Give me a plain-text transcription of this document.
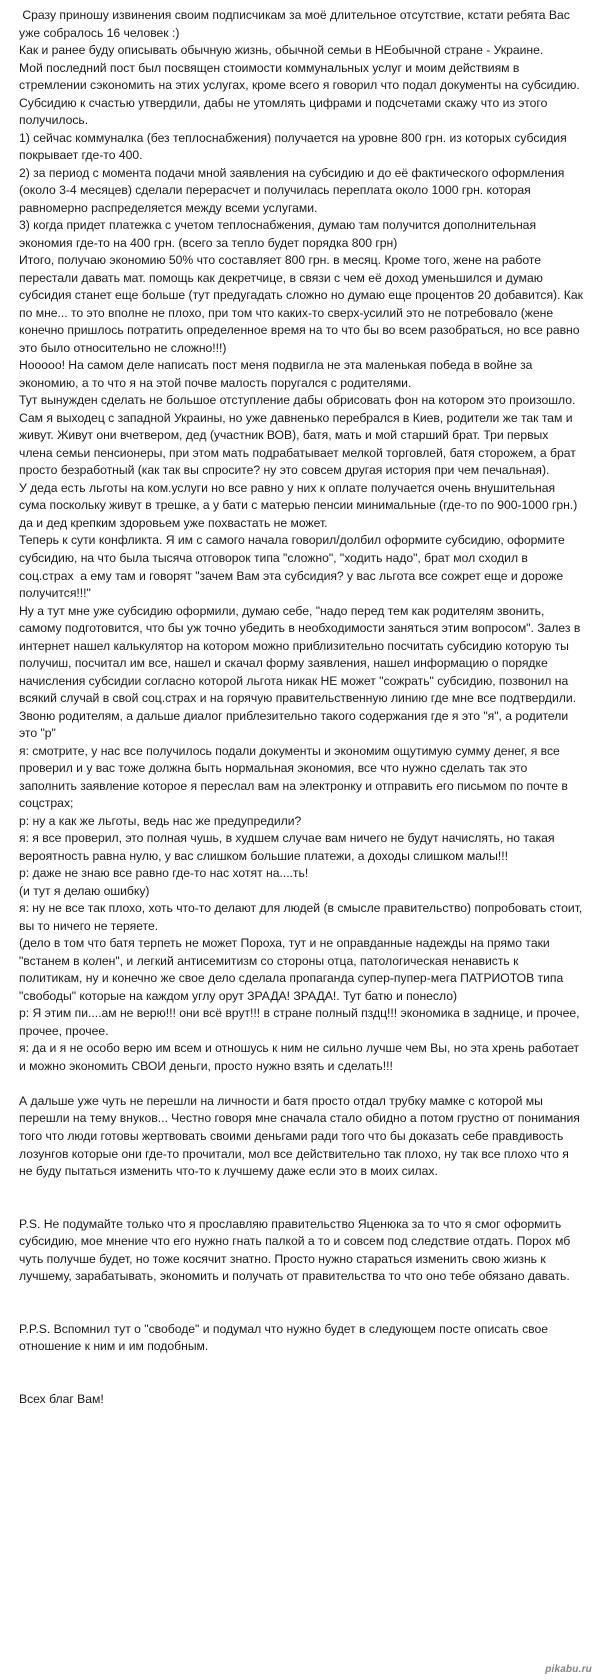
Сразу приношу извинения своим подписчикам за моё длительное отсутствие, кстати ребята Вас уже собралось 16 человек :)
Как и ранее буду описывать обычную жизнь, обычной семьи в НЕобычной стране - Украине.
Мой последний пост был посвящен стоимости коммунальных услуг и моим действиям в стремлении сэкономить на этих услугах, кроме всего я говорил что подал документы на субсидию. Субсидию к счастью утвердили, дабы не утомлять цифрами и подсчетами скажу что из этого получилось.
1) сейчас коммуналка (без теплоснабжения) получается на уровне 800 грн. из которых субсидия покрывает где-то 400.
2) за период с момента подачи мной заявления на субсидию и до её фактического оформления (около 3-4 месяцев) сделали перерасчет и получилась переплата около 1000 грн. которая равномерно распределяется между всеми услугами.
3) когда придет платежка с учетом теплоснабжения, думаю там получится дополнительная экономия где-то на 400 грн. (всего за тепло будет порядка 800 грн)
Итого, получаю экономию 50% что составляет 800 грн. в месяц. Кроме того, жене на работе перестали давать мат. помощь как декретчице, в связи с чем её доход уменьшился и думаю субсидия станет еще больше (тут предугадать сложно но думаю еще процентов 20 добавится). Как по мне... то это вполне не плохо, при том что каких-то сверх-усилий это не потребовало (жене конечно пришлось потратить определенное время на то что бы во всем разобраться, но все равно это было относительно не сложно!!!)
Нооооо! На самом деле написать пост меня подвигла не эта маленькая победа в войне за экономию, а то что я на этой почве малость поругался с родителями.
Тут вынужден сделать не большое отступление дабы обрисовать фон на котором это произошло.
Сам я выходец с западной Украины, но уже давненько перебрался в Киев, родители же так там и живут. Живут они вчетвером, дед (участник ВОВ), батя, мать и мой старший брат. Три первых члена семьи пенсионеры, при этом мать подрабатывает мелкой торговлей, батя сторожем, а брат просто безработный (как так вы спросите? ну это совсем другая история при чем печальная).
У деда есть льготы на ком.услуги но все равно у них к оплате получается очень внушительная сума поскольку живут в трешке, а у бати с матерью пенсии минимальные (где-то по 900-1000 грн.) да и дед крепким здоровьем уже похвастать не может.
Теперь к сути конфликта. Я им с самого начала говорил/долбил оформите субсидию, оформите субсидию, на что была тысяча отговорок типа "сложно", "ходить надо", брат мол сходил в соц.страх  а ему там и говорят "зачем Вам эта субсидия? у вас льгота все сожрет еще и дороже получится!!!"
Ну а тут мне уже субсидию оформили, думаю себе, "надо перед тем как родителям звонить, самому подготовится, что бы уж точно убедить в необходимости заняться этим вопросом". Залез в интернет нашел калькулятор на котором можно приблизительно посчитать субсидию которую ты получиш, посчитал им все, нашел и скачал форму заявления, нашел информацию о порядке начисления субсидии согласно которой льгота никак НЕ может "сожрать" субсидию, позвонил на всякий случай в свой соц.страх и на горячую правительственную линию где мне все подтвердили.
Звоню родителям, а дальше диалог приблезительно такого содержания где я это "я", а родители это "р"
я: смотрите, у нас все получилось подали документы и экономим ощутимую сумму денег, я все проверил и у вас тоже должна быть нормальная экономия, все что нужно сделать так это заполнить заявление которое я переслал вам на электронку и отправить его письмом по почте в соцстрах;
р: ну а как же льготы, ведь нас же предупредили?
я: я все проверил, это полная чушь, в худшем случае вам ничего не будут начислять, но такая вероятность равна нулю, у вас слишком большие платежи, а доходы слишком малы!!!
р: даже не знаю все равно где-то нас хотят на....ть!
(и тут я делаю ошибку)
я: ну не все так плохо, хоть что-то делают для людей (в смысле правительство) попробовать стоит, вы то ничего не теряете.
(дело в том что батя терпеть не может Пороха, тут и не оправданные надежды на прямо таки "встанем в колен", и легкий антисемитизм со стороны отца, патологическая ненависть к политикам, ну и конечно же свое дело сделала пропаганда супер-пупер-мега ПАТРИОТОВ типа "свободы" которые на каждом углу орут ЗРАДА! ЗРАДА!. Тут батю и понесло)
р: Я этим пи....ам не верю!!! они всё врут!!! в стране полный пздц!!! экономика в заднице, и прочее, прочее, прочее.
я: да и я не особо верю им всем и отношусь к ним не сильно лучше чем Вы, но эта хрень работает и можно экономить СВОИ деньги, просто нужно взять и сделать!!!
А дальше уже чуть не перешли на личности и батя просто отдал трубку мамке с которой мы перешли на тему внуков... Честно говоря мне сначала стало обидно а потом грустно от понимания того что люди готовы жертвовать своими деньгами ради того что бы доказать себе правдивость лозунгов которые они где-то прочитали, мол все действительно так плохо, ну так все плохо что я не буду пытаться изменить что-то к лучшему даже если это в моих силах.
P.S. Не подумайте только что я прославляю правительство Яценюка за то что я смог оформить субсидию, мое мнение что его нужно гнать палкой а то и совсем под следствие отдать. Порох мб чуть получше будет, но тоже косячит знатно. Просто нужно стараться изменить свою жизнь к лучшему, зарабатывать, экономить и получать от правительства то что оно тебе обязано давать.
P.P.S. Вспомнил тут о "свободе" и подумал что нужно будет в следующем посте описать свое отношение к ним и им подобным.
Всех благ Вам!
pikabu.ru
